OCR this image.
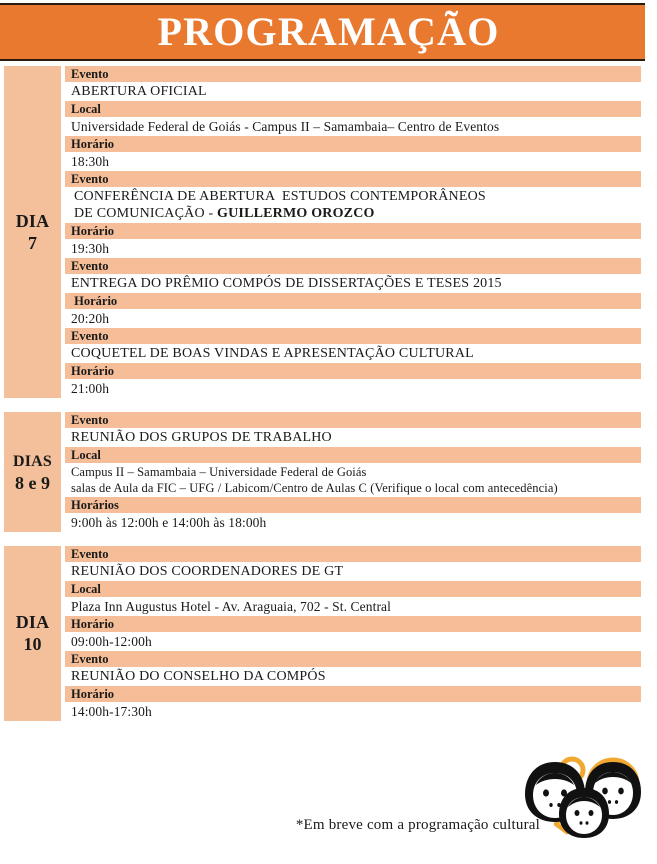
PROGRAMAÇÃO
DIA
7
Evento
ABERTURA OFICIAL
Local
Universidade Federal de Goiás - Campus II – Samambaia– Centro de Eventos
Horário
18:30h
Evento
CONFERÊNCIA DE ABERTURA  ESTUDOS CONTEMPORÂNEOS
DE COMUNICAÇÃO - GUILLERMO OROZCO
Horário
19:30h
Evento
ENTREGA DO PRÊMIO COMPÓS DE DISSERTAÇÕES E TESES 2015
Horário
20:20h
Evento
COQUETEL DE BOAS VINDAS E APRESENTAÇÃO CULTURAL
Horário
21:00h
DIAS
8 e 9
Evento
REUNIÃO DOS GRUPOS DE TRABALHO
Local
Campus II – Samambaia – Universidade Federal de Goiás
salas de Aula da FIC – UFG / Labicom/Centro de Aulas C (Verifique o local com antecedência)
Horários
9:00h às 12:00h e 14:00h às 18:00h
DIA
10
Evento
REUNIÃO DOS COORDENADORES DE GT
Local
Plaza Inn Augustus Hotel - Av. Araguaia, 702 - St. Central
Horário
09:00h-12:00h
Evento
REUNIÃO DO CONSELHO DA COMPÓS
Horário
14:00h-17:30h
*Em breve com a programação cultural
